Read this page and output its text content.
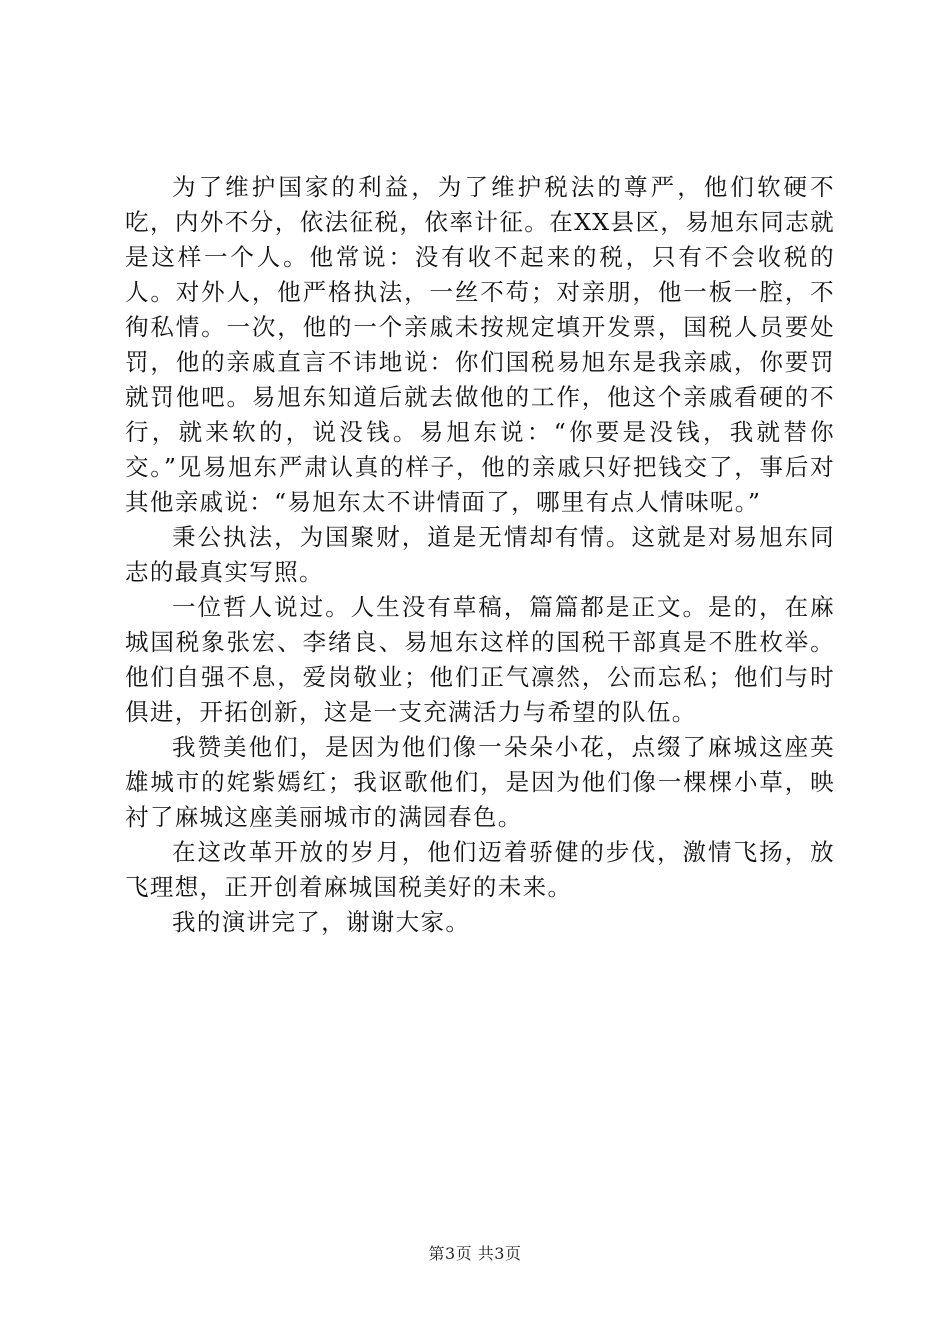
为了维护国家的利益，为了维护税法的尊严，他们软硬不吃，内外不分，依法征税，依率计征。在XX县区，易旭东同志就是这样一个人。他常说：没有收不起来的税，只有不会收税的人。对外人，他严格执法，一丝不苟；对亲朋，他一板一腔，不徇私情。一次，他的一个亲戚未按规定填开发票，国税人员要处罚，他的亲戚直言不讳地说：你们国税易旭东是我亲戚，你要罚就罚他吧。易旭东知道后就去做他的工作，他这个亲戚看硬的不行，就来软的，说没钱。易旭东说：“你要是没钱，我就替你交。”见易旭东严肃认真的样子，他的亲戚只好把钱交了，事后对其他亲戚说：“易旭东太不讲情面了，哪里有点人情味呢。”

秉公执法，为国聚财，道是无情却有情。这就是对易旭东同志的最真实写照。

一位哲人说过。人生没有草稿，篇篇都是正文。是的，在麻城国税象张宏、李绪良、易旭东这样的国税干部真是不胜枚举。他们自强不息，爱岗敬业；他们正气凛然，公而忘私；他们与时俱进，开拓创新，这是一支充满活力与希望的队伍。

我赞美他们，是因为他们像一朵朵小花，点缀了麻城这座英雄城市的姹紫嫣红；我讴歌他们，是因为他们像一棵棵小草，映衬了麻城这座美丽城市的满园春色。

在这改革开放的岁月，他们迈着骄健的步伐，激情飞扬，放飞理想，正开创着麻城国税美好的未来。

我的演讲完了，谢谢大家。

第3页 共3页
